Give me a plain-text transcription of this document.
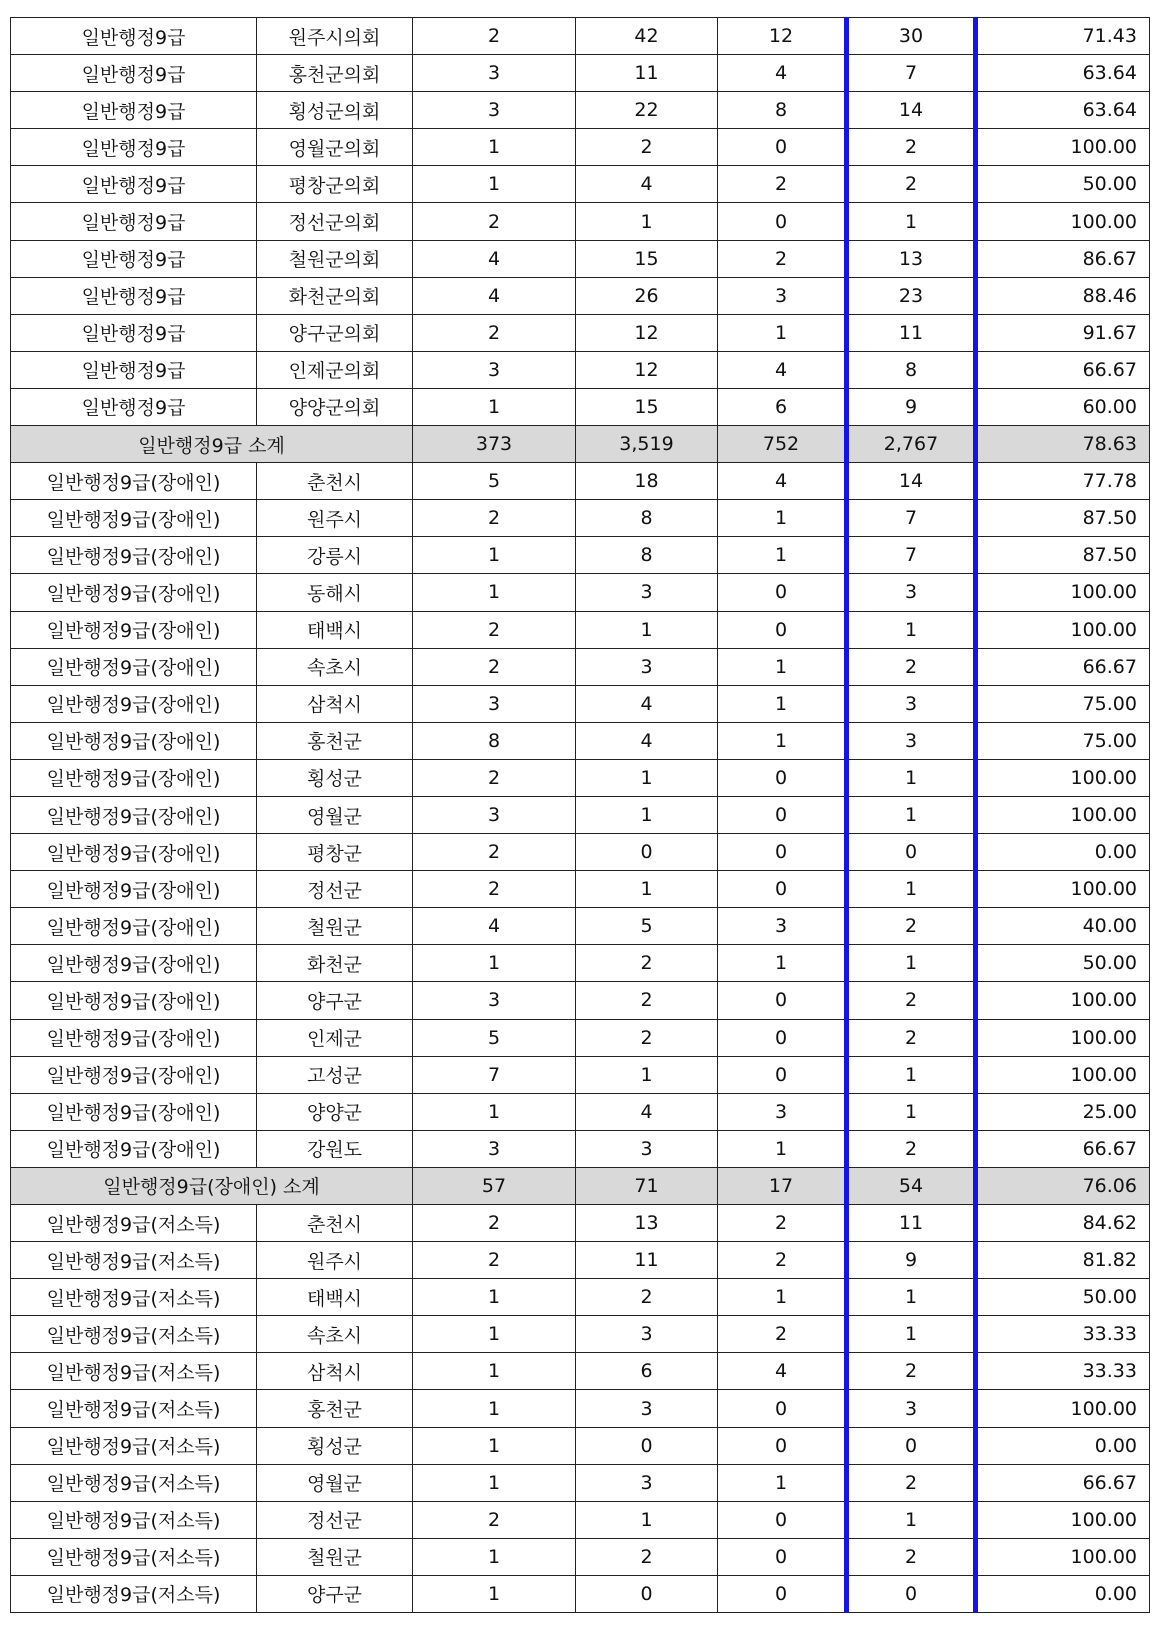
일반행정9급	원주시의회	2	42	12	30	71.43
일반행정9급	홍천군의회	3	11	4	7	63.64
일반행정9급	횡성군의회	3	22	8	14	63.64
일반행정9급	영월군의회	1	2	0	2	100.00
일반행정9급	평창군의회	1	4	2	2	50.00
일반행정9급	정선군의회	2	1	0	1	100.00
일반행정9급	철원군의회	4	15	2	13	86.67
일반행정9급	화천군의회	4	26	3	23	88.46
일반행정9급	양구군의회	2	12	1	11	91.67
일반행정9급	인제군의회	3	12	4	8	66.67
일반행정9급	양양군의회	1	15	6	9	60.00
일반행정9급 소계		373	3,519	752	2,767	78.63
일반행정9급(장애인)	춘천시	5	18	4	14	77.78
일반행정9급(장애인)	원주시	2	8	1	7	87.50
일반행정9급(장애인)	강릉시	1	8	1	7	87.50
일반행정9급(장애인)	동해시	1	3	0	3	100.00
일반행정9급(장애인)	태백시	2	1	0	1	100.00
일반행정9급(장애인)	속초시	2	3	1	2	66.67
일반행정9급(장애인)	삼척시	3	4	1	3	75.00
일반행정9급(장애인)	홍천군	8	4	1	3	75.00
일반행정9급(장애인)	횡성군	2	1	0	1	100.00
일반행정9급(장애인)	영월군	3	1	0	1	100.00
일반행정9급(장애인)	평창군	2	0	0	0	0.00
일반행정9급(장애인)	정선군	2	1	0	1	100.00
일반행정9급(장애인)	철원군	4	5	3	2	40.00
일반행정9급(장애인)	화천군	1	2	1	1	50.00
일반행정9급(장애인)	양구군	3	2	0	2	100.00
일반행정9급(장애인)	인제군	5	2	0	2	100.00
일반행정9급(장애인)	고성군	7	1	0	1	100.00
일반행정9급(장애인)	양양군	1	4	3	1	25.00
일반행정9급(장애인)	강원도	3	3	1	2	66.67
일반행정9급(장애인) 소계		57	71	17	54	76.06
일반행정9급(저소득)	춘천시	2	13	2	11	84.62
일반행정9급(저소득)	원주시	2	11	2	9	81.82
일반행정9급(저소득)	태백시	1	2	1	1	50.00
일반행정9급(저소득)	속초시	1	3	2	1	33.33
일반행정9급(저소득)	삼척시	1	6	4	2	33.33
일반행정9급(저소득)	홍천군	1	3	0	3	100.00
일반행정9급(저소득)	횡성군	1	0	0	0	0.00
일반행정9급(저소득)	영월군	1	3	1	2	66.67
일반행정9급(저소득)	정선군	2	1	0	1	100.00
일반행정9급(저소득)	철원군	1	2	0	2	100.00
일반행정9급(저소득)	양구군	1	0	0	0	0.00
